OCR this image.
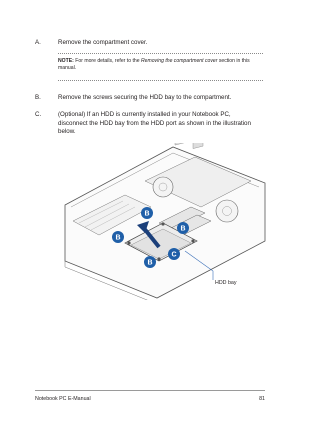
A.	Remove the compartment cover.
NOTE: For more details, refer to the Removing the compartment cover section in this manual.
B.	Remove the screws securing the HDD bay to the compartment.
C.	(Optional) If an HDD is currently installed in your Notebook PC, disconnect the HDD bay from the HDD port as shown in the illustration below.
B
B
B
B
C
HDD bay
Notebook PC E-Manual	81
